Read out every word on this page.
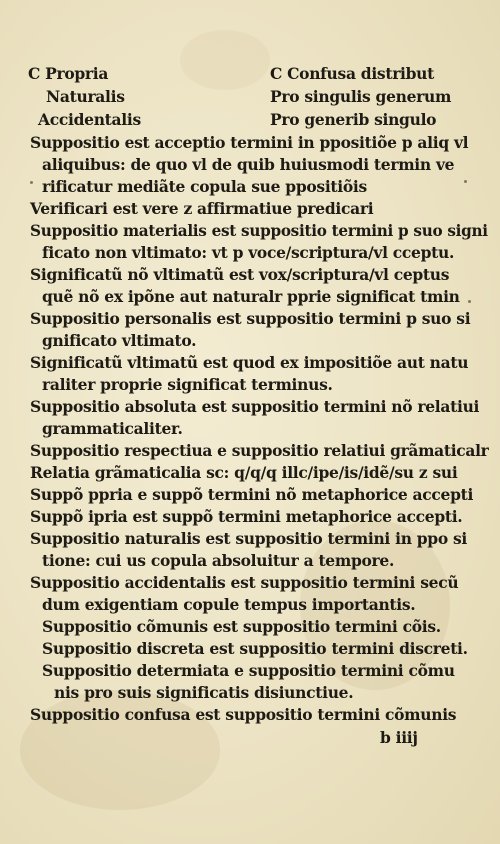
C Propria
Naturalis
Accidentalis
C Confusa distribut
Pro singulis generum
Pro generib singulo
Suppositio est acceptio termini in ppositiõe p aliq vl
aliquibus: de quo vl de quib huiusmodi termin ve
rificatur mediãte copula sue ppositiõis
Verificari est vere z affirmatiue predicari
Suppositio materialis est suppositio termini p suo signi
ficato non vltimato: vt p voce/scriptura/vl cceptu.
Significatũ nõ vltimatũ est vox/scriptura/vl ceptus
quẽ nõ ex ipõne aut naturalr pprie significat tmin
Suppositio personalis est suppositio termini p suo si
gnificato vltimato.
Significatũ vltimatũ est quod ex impositiõe aut natu
raliter proprie significat terminus.
Suppositio absoluta est suppositio termini nõ relatiui
grammaticaliter.
Suppositio respectiua e suppositio relatiui grãmaticalr
Relatia grãmaticalia sc: q/q/q illc/ipe/is/idẽ/su z sui
Suppõ ppria e suppõ termini nõ metaphorice accepti
Suppõ ipria est suppõ termini metaphorice accepti.
Suppositio naturalis est suppositio termini in ppo si
tione: cui us copula absoluitur a tempore.
Suppositio accidentalis est suppositio termini secũ
dum exigentiam copule tempus importantis.
Suppositio cõmunis est suppositio termini cõis.
Suppositio discreta est suppositio termini discreti.
Suppositio determiata e suppositio termini cõmu
nis pro suis significatis disiunctiue.
Suppositio confusa est suppositio termini cõmunis
b iiij
